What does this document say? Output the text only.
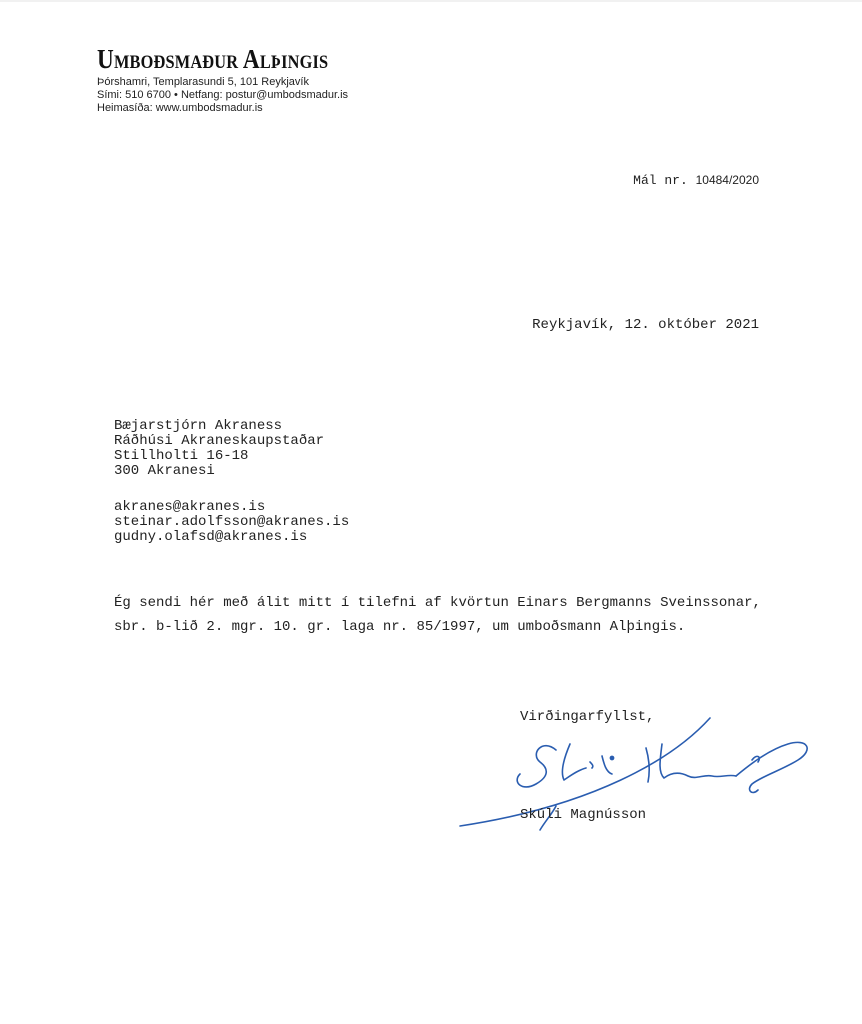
Umboðsmaður Alþingis
Þórshamri, Templarasundi 5, 101 Reykjavík
Sími: 510 6700 • Netfang: postur@umbodsmadur.is
Heimasíða: www.umbodsmadur.is
Mál nr. 10484/2020
Reykjavík, 12. október 2021
Bæjarstjórn Akraness
Ráðhúsi Akraneskaupstaðar
Stillholti 16-18
300 Akranesi
akranes@akranes.is
steinar.adolfsson@akranes.is
gudny.olafsd@akranes.is
Ég sendi hér með álit mitt í tilefni af kvörtun Einars Bergmanns Sveinssonar, sbr. b-lið 2. mgr. 10. gr. laga nr. 85/1997, um umboðsmann Alþingis.
Virðingarfyllst,
Skúli Magnússon
